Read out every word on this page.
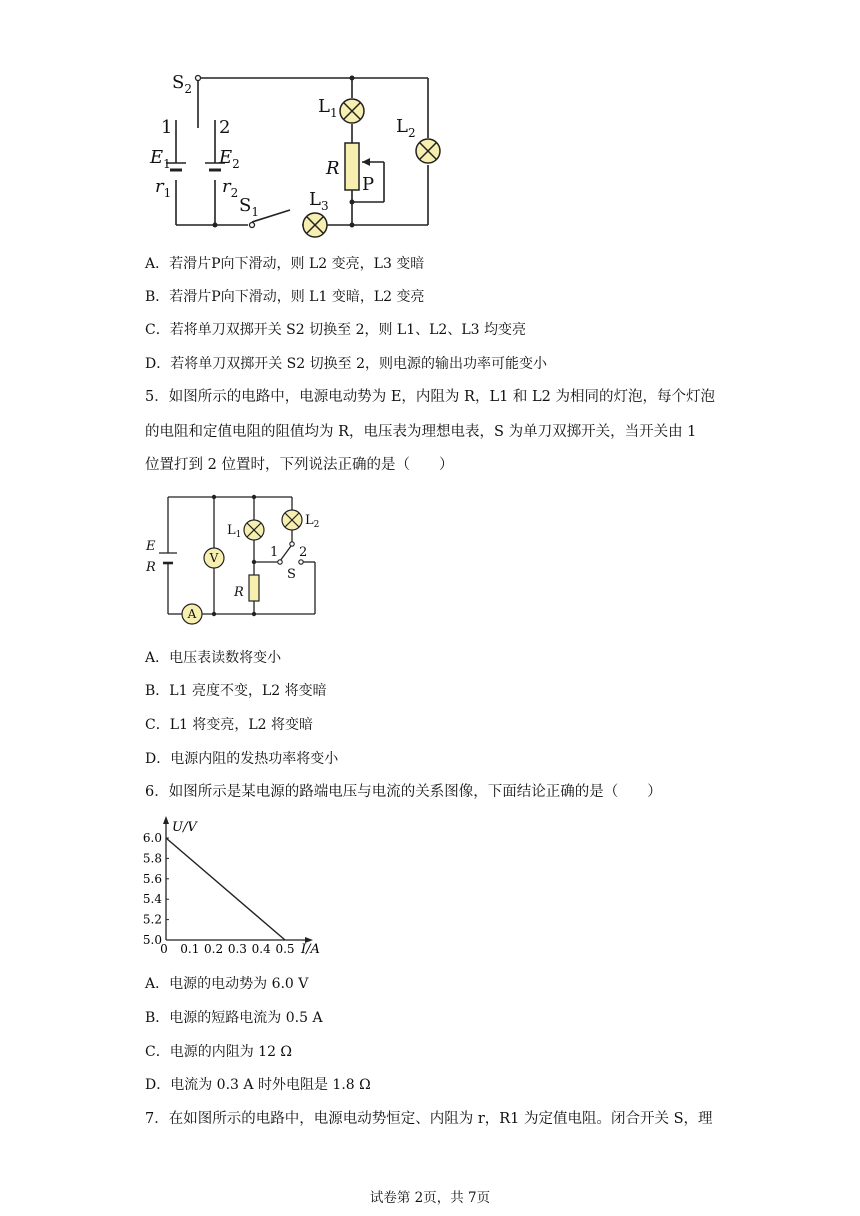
$S_2$
1	2
$E_1$
$r_1$
$E_2$
$r_2$
$S_1$
$L_1$
$L_2$
$L_3$
R
P
A．若滑片P向下滑动，则 L2 变亮，L3 变暗
B．若滑片P向下滑动，则 L1 变暗，L2 变亮
C．若将单刀双掷开关 S2 切换至 2，则 L1、L2、L3 均变亮
D．若将单刀双掷开关 S2 切换至 2，则电源的输出功率可能变小
5．如图所示的电路中，电源电动势为 E，内阻为 R，L1 和 L2 为相同的灯泡，每个灯泡
的电阻和定值电阻的阻值均为 R，电压表为理想电表，S 为单刀双掷开关，当开关由 1
位置打到 2 位置时，下列说法正确的是（　　）
E
R
V
A
$L_1$
$L_2$
1 2
S
R
A．电压表读数将变小
B．L1 亮度不变，L2 将变暗
C．L1 将变亮，L2 将变暗
D．电源内阻的发热功率将变小
6．如图所示是某电源的路端电压与电流的关系图像，下面结论正确的是（　　）
I/A
U/V
0 0.1 0.2 0.3 0.4 0.5
5.0
5.2
5.4
5.6
5.8
6.0
A．电源的电动势为 6.0 V
B．电源的短路电流为 0.5 A
C．电源的内阻为 12 Ω
D．电流为 0.3 A 时外电阻是 1.8 Ω
7．在如图所示的电路中，电源电动势恒定、内阻为 r，R1 为定值电阻。闭合开关 S，理
试卷第 2页，共 7页
